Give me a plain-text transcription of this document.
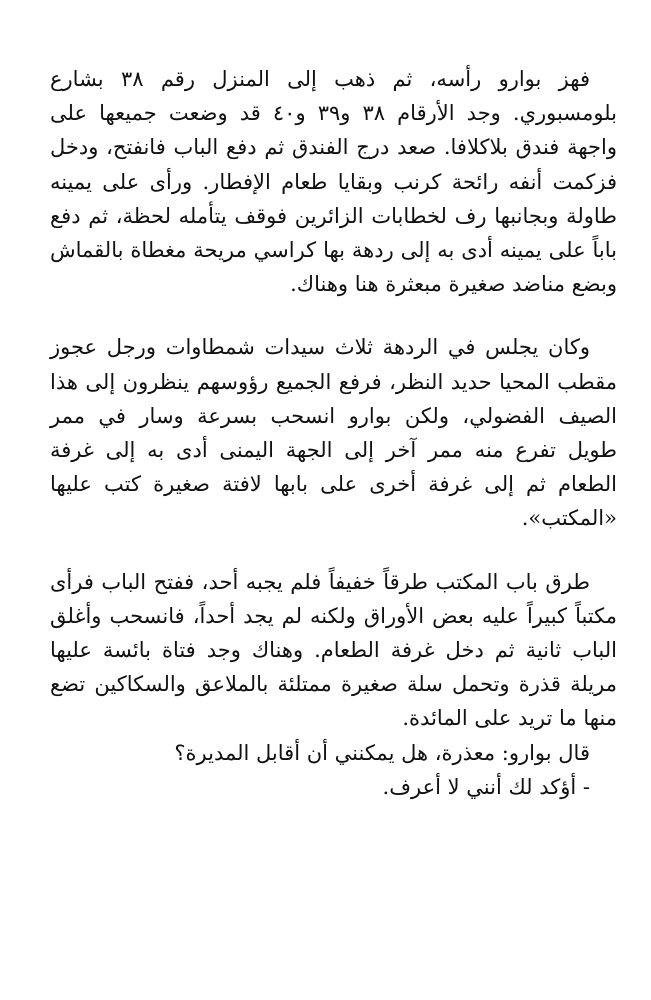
فهز بوارو رأسه، ثم ذهب إلى المنزل رقم ٣٨ بشارع بلومسبوري. وجد الأرقام ٣٨ و٣٩ و٤٠ قد وضعت جميعها على واجهة فندق بلاكلافا. صعد درج الفندق ثم دفع الباب فانفتح، ودخل فزكمت أنفه رائحة كرنب وبقايا طعام الإفطار. ورأى على يمينه طاولة وبجانبها رف لخطابات الزائرين فوقف يتأمله لحظة، ثم دفع باباً على يمينه أدى به إلى ردهة بها كراسي مريحة مغطاة بالقماش وبضع مناضد صغيرة مبعثرة هنا وهناك.

وكان يجلس في الردهة ثلاث سيدات شمطاوات ورجل عجوز مقطب المحيا حديد النظر، فرفع الجميع رؤوسهم ينظرون إلى هذا الصيف الفضولي، ولكن بوارو انسحب بسرعة وسار في ممر طويل تفرع منه ممر آخر إلى الجهة اليمنى أدى به إلى غرفة الطعام ثم إلى غرفة أخرى على بابها لافتة صغيرة كتب عليها «المكتب».

طرق باب المكتب طرقاً خفيفاً فلم يجبه أحد، ففتح الباب فرأى مكتباً كبيراً عليه بعض الأوراق ولكنه لم يجد أحداً، فانسحب وأغلق الباب ثانية ثم دخل غرفة الطعام. وهناك وجد فتاة بائسة عليها مريلة قذرة وتحمل سلة صغيرة ممتلئة بالملاعق والسكاكين تضع منها ما تريد على المائدة.

قال بوارو: معذرة، هل يمكنني أن أقابل المديرة؟

- أؤكد لك أنني لا أعرف.
